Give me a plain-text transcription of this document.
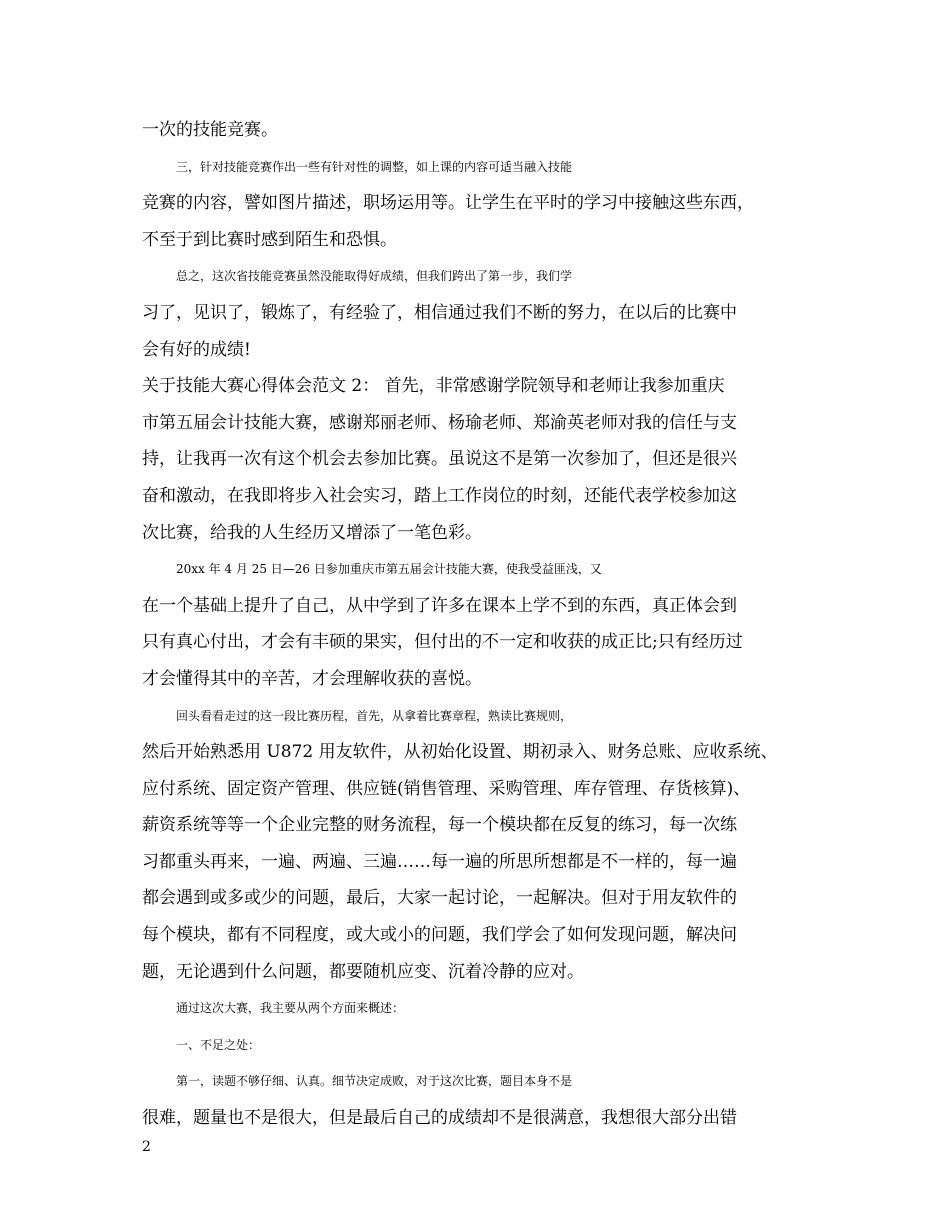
一次的技能竞赛。
三，针对技能竞赛作出一些有针对性的调整，如上课的内容可适当融入技能
竞赛的内容，譬如图片描述，职场运用等。让学生在平时的学习中接触这些东西，
不至于到比赛时感到陌生和恐惧。
总之，这次省技能竞赛虽然没能取得好成绩，但我们跨出了第一步，我们学
习了，见识了，锻炼了，有经验了，相信通过我们不断的努力，在以后的比赛中
会有好的成绩!
关于技能大赛心得体会范文 2： 首先，非常感谢学院领导和老师让我参加重庆
市第五届会计技能大赛，感谢郑丽老师、杨瑜老师、郑渝英老师对我的信任与支
持，让我再一次有这个机会去参加比赛。虽说这不是第一次参加了，但还是很兴
奋和激动，在我即将步入社会实习，踏上工作岗位的时刻，还能代表学校参加这
次比赛，给我的人生经历又增添了一笔色彩。
20xx 年 4 月 25 日—26 日参加重庆市第五届会计技能大赛，使我受益匪浅，又
在一个基础上提升了自己，从中学到了许多在课本上学不到的东西，真正体会到
只有真心付出，才会有丰硕的果实，但付出的不一定和收获的成正比;只有经历过
才会懂得其中的辛苦，才会理解收获的喜悦。
回头看看走过的这一段比赛历程，首先，从拿着比赛章程，熟读比赛规则，
然后开始熟悉用 U872 用友软件，从初始化设置、期初录入、财务总账、应收系统、
应付系统、固定资产管理、供应链(销售管理、采购管理、库存管理、存货核算)、
薪资系统等等一个企业完整的财务流程，每一个模块都在反复的练习，每一次练
习都重头再来，一遍、两遍、三遍……每一遍的所思所想都是不一样的，每一遍
都会遇到或多或少的问题，最后，大家一起讨论，一起解决。但对于用友软件的
每个模块，都有不同程度，或大或小的问题，我们学会了如何发现问题，解决问
题，无论遇到什么问题，都要随机应变、沉着冷静的应对。
通过这次大赛，我主要从两个方面来概述：
一、不足之处：
第一，读题不够仔细、认真。细节决定成败，对于这次比赛，题目本身不是
很难，题量也不是很大，但是最后自己的成绩却不是很满意，我想很大部分出错
2
